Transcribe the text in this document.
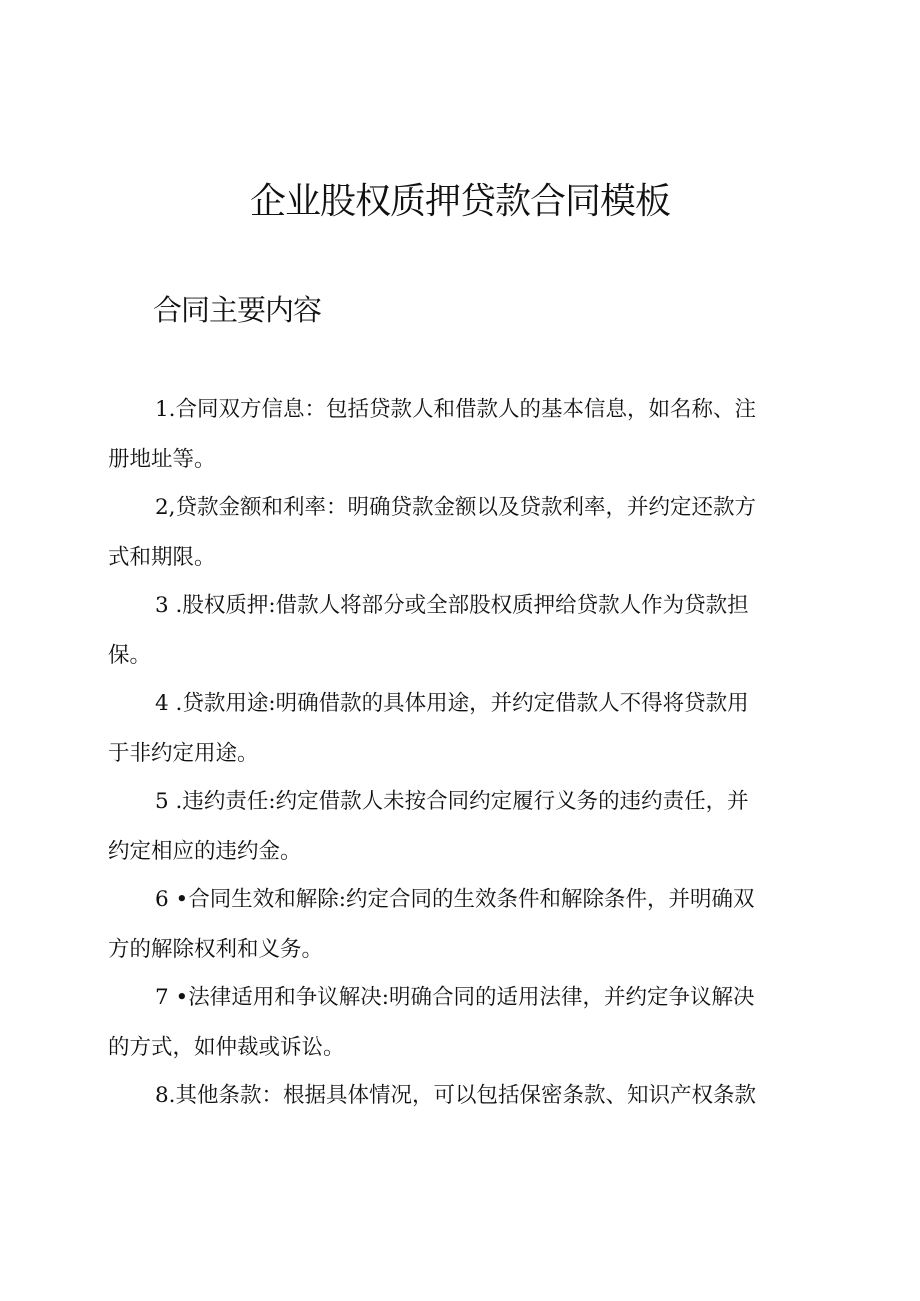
企业股权质押贷款合同模板
合同主要内容
1.合同双方信息：包括贷款人和借款人的基本信息，如名称、注
册地址等。
2,贷款金额和利率：明确贷款金额以及贷款利率，并约定还款方
式和期限。
3 .股权质押:借款人将部分或全部股权质押给贷款人作为贷款担
保。
4 .贷款用途:明确借款的具体用途，并约定借款人不得将贷款用
于非约定用途。
5 .违约责任:约定借款人未按合同约定履行义务的违约责任，并
约定相应的违约金。
6 •合同生效和解除:约定合同的生效条件和解除条件，并明确双
方的解除权利和义务。
7 •法律适用和争议解决:明确合同的适用法律，并约定争议解决
的方式，如仲裁或诉讼。
8.其他条款：根据具体情况，可以包括保密条款、知识产权条款
